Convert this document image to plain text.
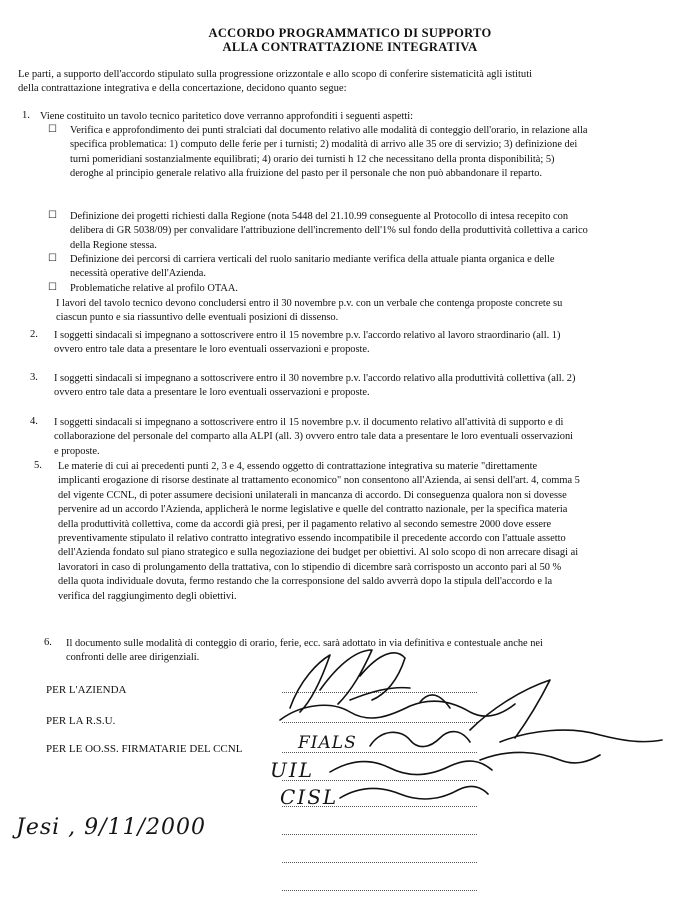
ACCORDO PROGRAMMATICO DI SUPPORTO
ALLA CONTRATTAZIONE INTEGRATIVA
Le parti, a supporto dell'accordo stipulato sulla progressione orizzontale e allo scopo di conferire sistematicità agli istituti della contrattazione integrativa e della concertazione, decidono quanto segue:
1. Viene costituito un tavolo tecnico paritetico dove verranno approfonditi i seguenti aspetti:
☐ Verifica e approfondimento dei punti stralciati dal documento relativo alle modalità di conteggio dell'orario, in relazione alla specifica problematica: 1) computo delle ferie per i turnisti; 2) modalità di arrivo alle 35 ore di servizio; 3) definizione dei turni pomeridiani sostanzialmente equilibrati; 4) orario dei turnisti h 12 che necessitano della pronta disponibilità; 5) deroghe al principio generale relativo alla fruizione del pasto per il personale che non può abbandonare il reparto.
☐ Definizione dei progetti richiesti dalla Regione (nota 5448 del 21.10.99 conseguente al Protocollo di intesa recepito con delibera di GR 5038/09) per convalidare l'attribuzione dell'incremento dell'1% sul fondo della produttività collettiva a carico della Regione stessa.
☐ Definizione dei percorsi di carriera verticali del ruolo sanitario mediante verifica della attuale pianta organica e delle necessità operative dell'Azienda.
☐ Problematiche relative al profilo OTAA.
I lavori del tavolo tecnico devono concludersi entro il 30 novembre p.v. con un verbale che contenga proposte concrete su ciascun punto e sia riassuntivo delle eventuali posizioni di dissenso.
2. I soggetti sindacali si impegnano a sottoscrivere entro il 15 novembre p.v. l'accordo relativo al lavoro straordinario (all. 1) ovvero entro tale data a presentare le loro eventuali osservazioni e proposte.
3. I soggetti sindacali si impegnano a sottoscrivere entro il 30 novembre p.v. l'accordo relativo alla produttività collettiva (all. 2) ovvero entro tale data a presentare le loro eventuali osservazioni e proposte.
4. I soggetti sindacali si impegnano a sottoscrivere entro il 15 novembre p.v. il documento relativo all'attività di supporto e di collaborazione del personale del comparto alla ALPI (all. 3) ovvero entro tale data a presentare le loro eventuali osservazioni e proposte.
5. Le materie di cui ai precedenti punti 2, 3 e 4, essendo oggetto di contrattazione integrativa su materie "direttamente implicanti erogazione di risorse destinate al trattamento economico" non consentono all'Azienda, ai sensi dell'art. 4, comma 5 del vigente CCNL, di poter assumere decisioni unilaterali in mancanza di accordo. Di conseguenza qualora non si dovesse pervenire ad un accordo l'Azienda, applicherà le norme legislative e quelle del contratto nazionale, per la specifica materia della produttività collettiva, come da accordi già presi, per il pagamento relativo al secondo semestre 2000 dove essere preventivamente stipulato il relativo contratto integrativo essendo incompatibile il precedente accordo con l'attuale assetto dell'Azienda fondato sul piano strategico e sulla negoziazione dei budget per obiettivi. Al solo scopo di non arrecare disagi ai lavoratori in caso di prolungamento della trattativa, con lo stipendio di dicembre sarà corrisposto un acconto pari al 50 % della quota individuale dovuta, fermo restando che la corresponsione del saldo avverrà dopo la stipula dell'accordo e la verifica del raggiungimento degli obiettivi.
6. Il documento sulle modalità di conteggio di orario, ferie, ecc. sarà adottato in via definitiva e contestuale anche nei confronti delle aree dirigenziali.
PER L'AZIENDA
PER LA R.S.U.
PER LE OO.SS. FIRMATARIE DEL CCNL	FIALS
UIL
CISL
Jesi , 9/11/2000
